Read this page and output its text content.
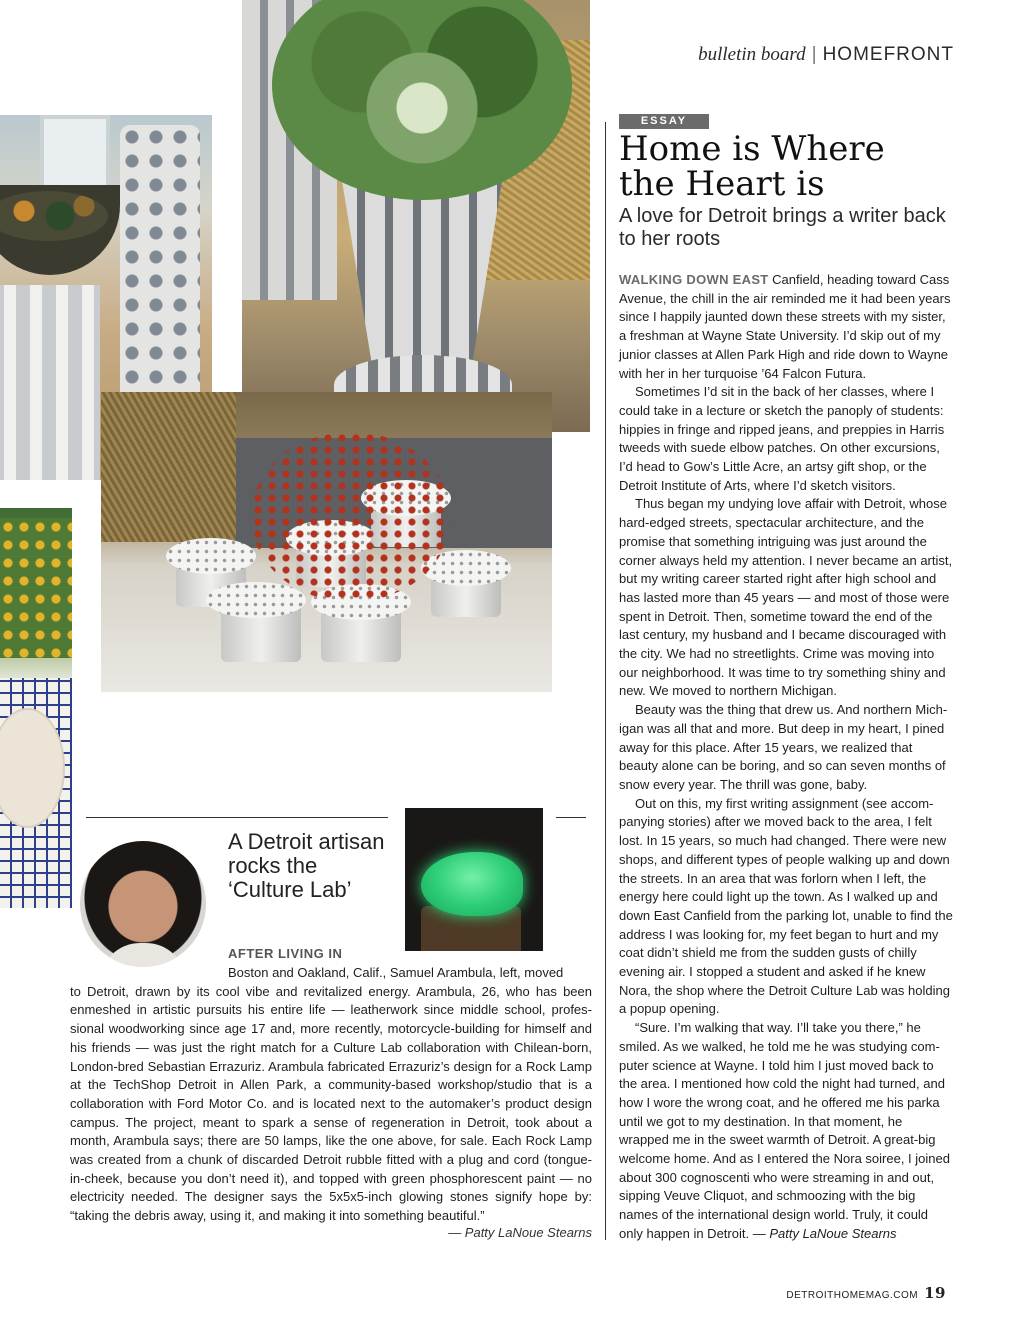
bulletin board | HOMEFRONT
A Detroit artisan rocks the ‘Culture Lab’
AFTER LIVING IN
Boston and Oakland, Calif., Samuel Arambula, left, moved
to Detroit, drawn by its cool vibe and revitalized energy. Arambula, 26, who has been enmeshed in artistic pursuits his entire life — leatherwork since middle school, profes-sional woodworking since age 17 and, more recently, motorcycle-building for himself and his friends — was just the right match for a Culture Lab collaboration with Chilean-born, London-bred Sebastian Errazuriz. Arambula fabricated Errazuriz’s design for a Rock Lamp at the TechShop Detroit in Allen Park, a community-based workshop/studio that is a collaboration with Ford Motor Co. and is located next to the automaker’s product design campus. The project, meant to spark a sense of regeneration in Detroit, took about a month, Arambula says; there are 50 lamps, like the one above, for sale. Each Rock Lamp was created from a chunk of discarded Detroit rubble fitted with a plug and cord (tongue-in-cheek, because you don’t need it), and topped with green phosphorescent paint — no electricity needed. The designer says the 5x5x5-inch glowing stones signify hope by: “taking the debris away, using it, and making it into something beautiful.”
— Patty LaNoue Stearns
ESSAY
Home is Where the Heart is
A love for Detroit brings a writer back to her roots

WALKING DOWN EAST Canfield, heading toward Cass Avenue, the chill in the air reminded me it had been years since I happily jaunted down these streets with my sister, a freshman at Wayne State University. I’d skip out of my junior classes at Allen Park High and ride down to Wayne with her in her turquoise ’64 Falcon Futura.

Sometimes I’d sit in the back of her classes, where I could take in a lecture or sketch the panoply of students: hippies in fringe and ripped jeans, and preppies in Harris tweeds with suede elbow patches. On other excursions, I’d head to Gow’s Little Acre, an artsy gift shop, or the Detroit Institute of Arts, where I’d sketch visitors.

Thus began my undying love affair with Detroit, whose hard-edged streets, spectacular architecture, and the promise that something intriguing was just around the corner always held my attention. I never became an artist, but my writing career started right after high school and has lasted more than 45 years — and most of those were spent in Detroit. Then, sometime toward the end of the last century, my husband and I became discouraged with the city. We had no streetlights. Crime was moving into our neighborhood. It was time to try something shiny and new. We moved to northern Michigan.

Beauty was the thing that drew us. And northern Mich-igan was all that and more. But deep in my heart, I pined away for this place. After 15 years, we realized that beauty alone can be boring, and so can seven months of snow every year. The thrill was gone, baby.

Out on this, my first writing assignment (see accom-panying stories) after we moved back to the area, I felt lost. In 15 years, so much had changed. There were new shops, and different types of people walking up and down the streets. In an area that was forlorn when I left, the energy here could light up the town. As I walked up and down East Canfield from the parking lot, unable to find the address I was looking for, my feet began to hurt and my coat didn’t shield me from the sudden gusts of chilly evening air. I stopped a student and asked if he knew Nora, the shop where the Detroit Culture Lab was holding a popup opening.

“Sure. I’m walking that way. I’ll take you there,” he smiled. As we walked, he told me he was studying com-puter science at Wayne. I told him I just moved back to the area. I mentioned how cold the night had turned, and how I wore the wrong coat, and he offered me his parka until we got to my destination. In that moment, he wrapped me in the sweet warmth of Detroit. A great-big welcome home. And as I entered the Nora soiree, I joined about 300 cognoscenti who were streaming in and out, sipping Veuve Cliquot, and schmoozing with the big names of the international design world. Truly, it could only happen in Detroit. — Patty LaNoue Stearns

DETROITHOMEMAG.COM 19
